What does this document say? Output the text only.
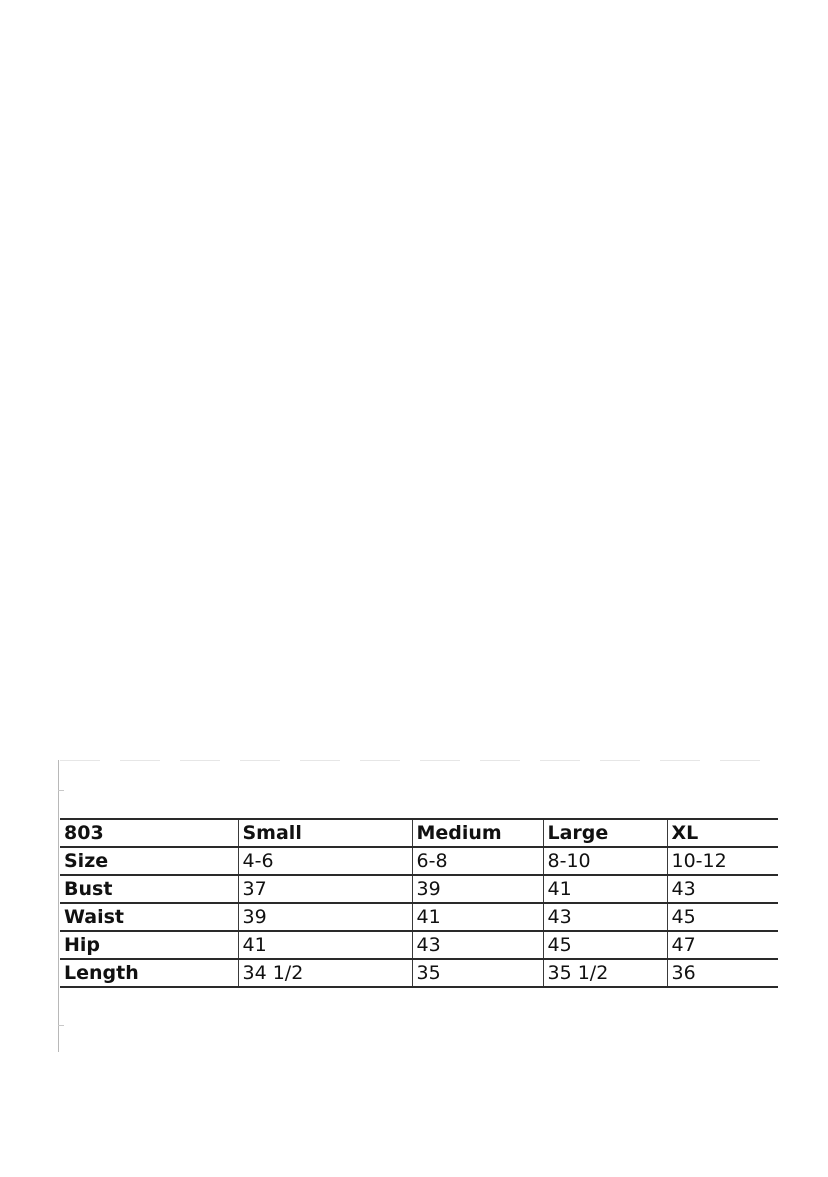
803	Small	Medium	Large	XL
Size	4-6	6-8	8-10	10-12
Bust	37	39	41	43
Waist	39	41	43	45
Hip	41	43	45	47
Length	34 1/2	35	35 1/2	36
